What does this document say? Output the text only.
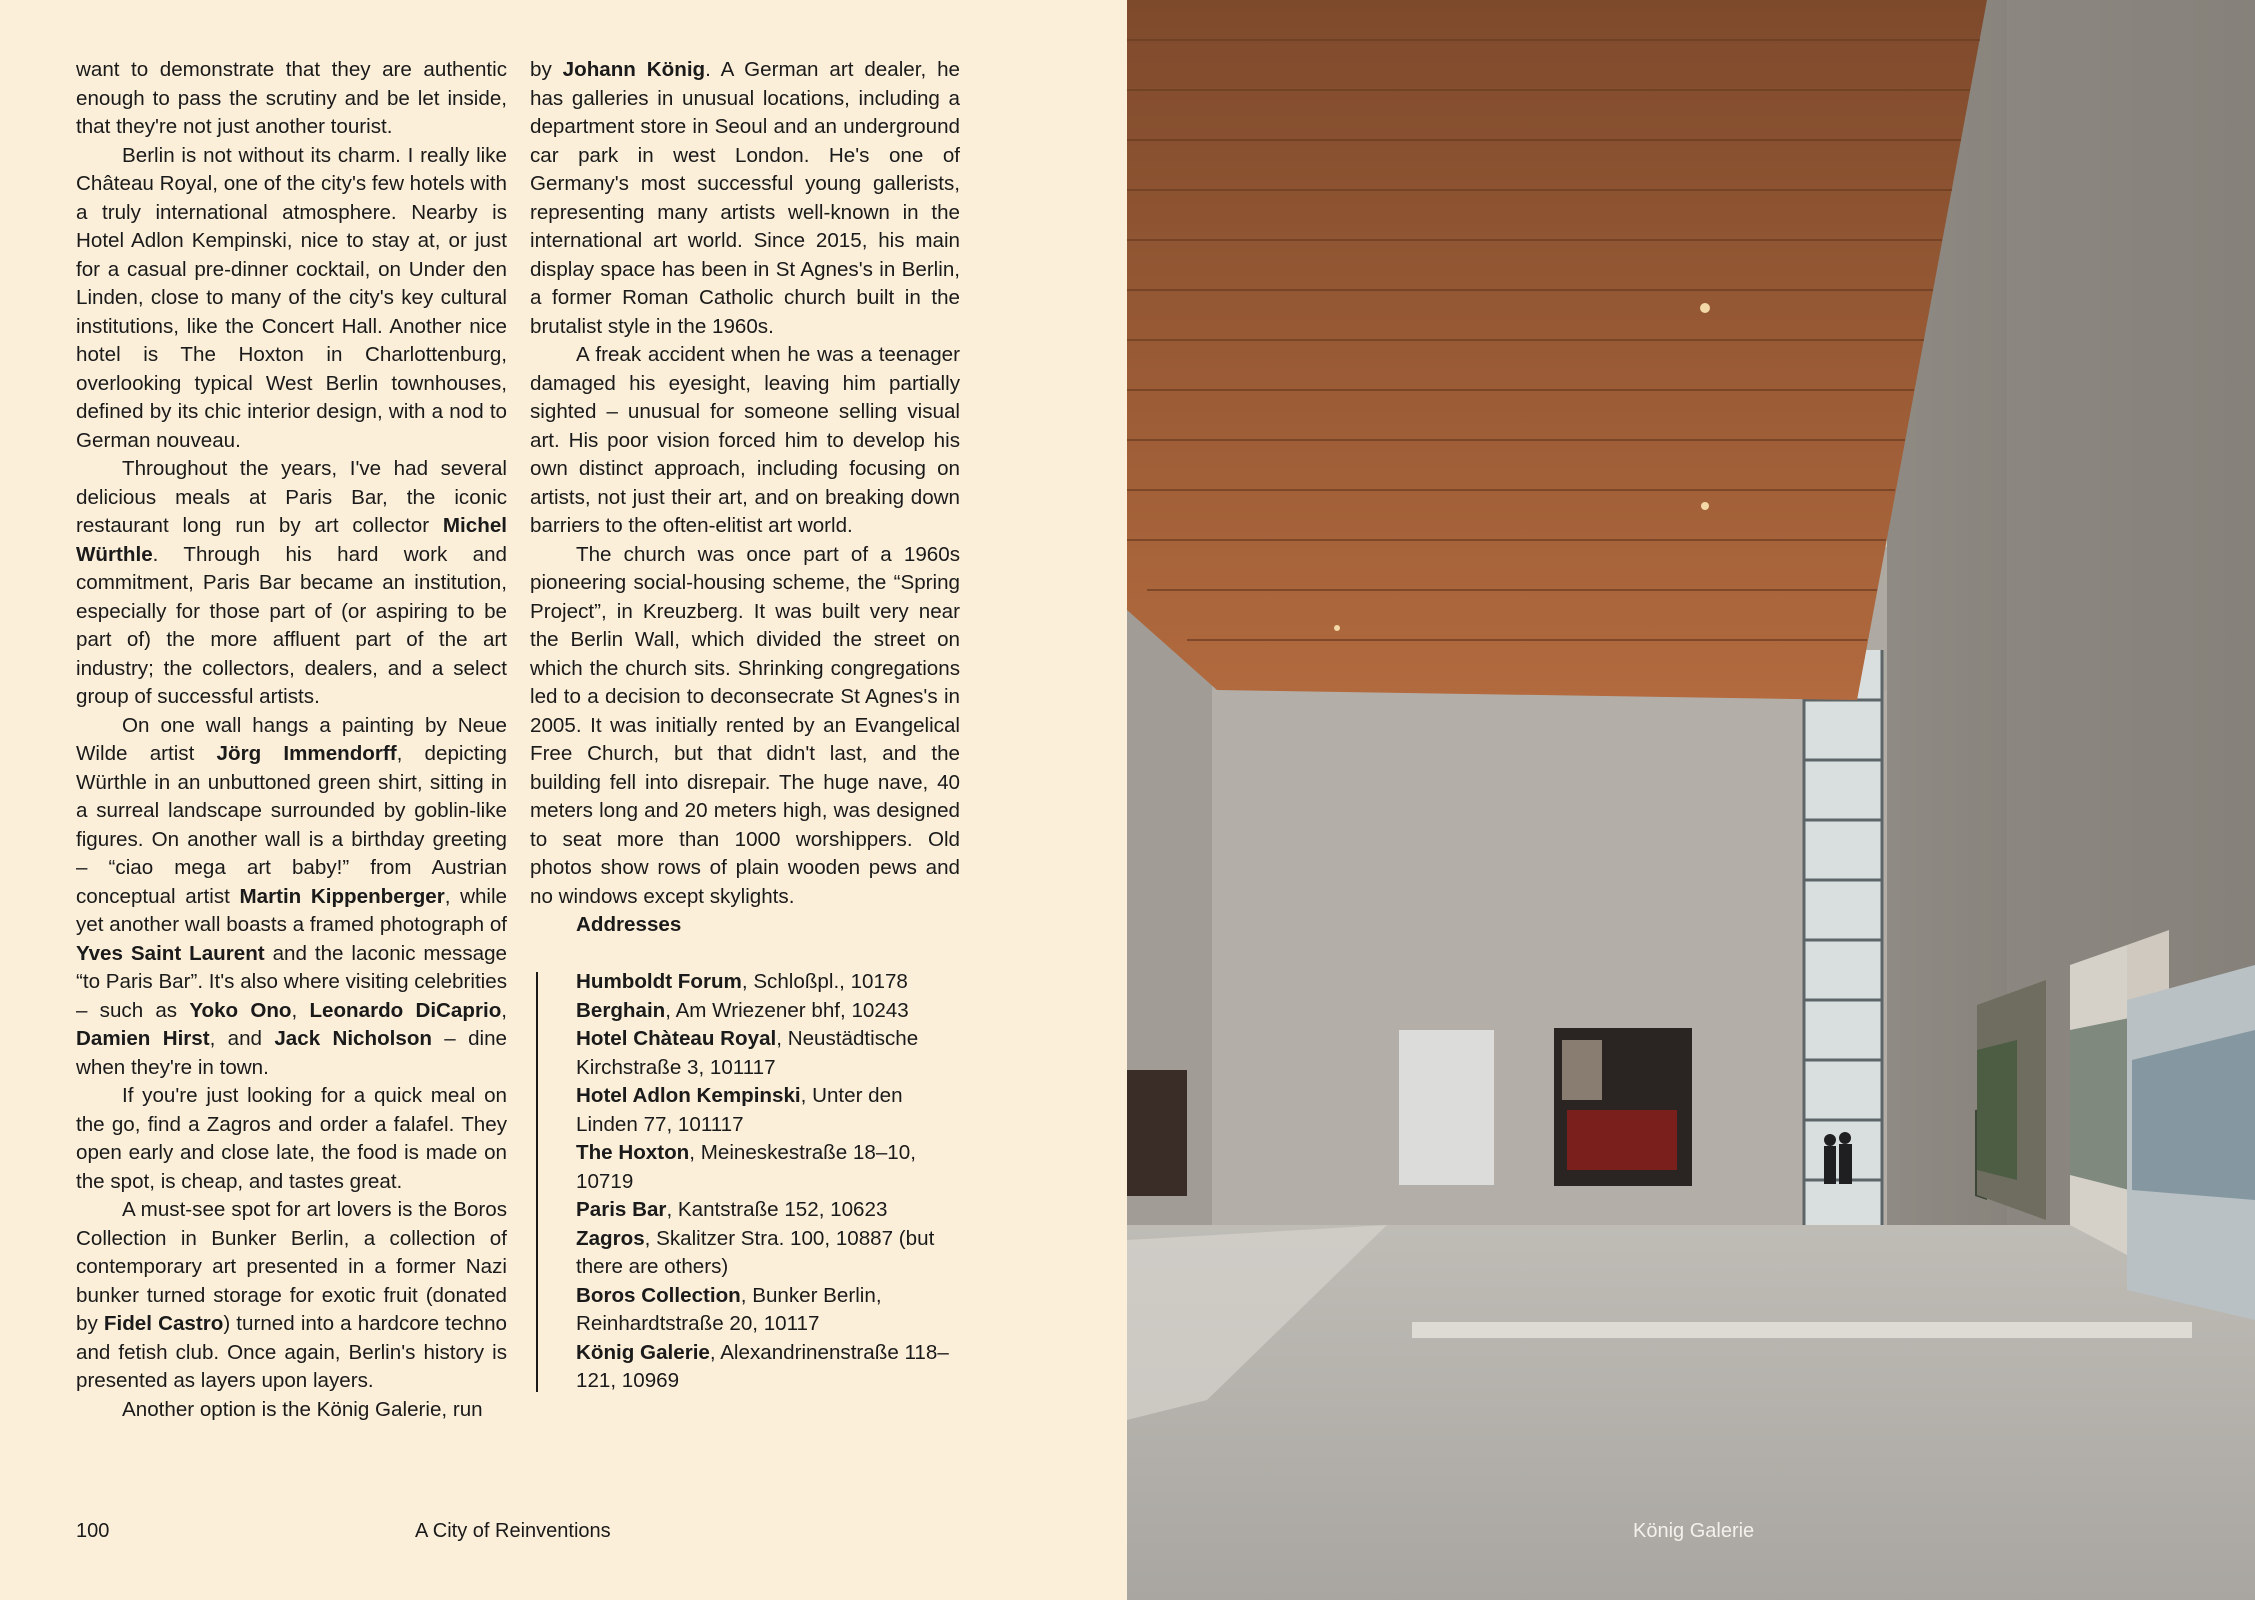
want to demonstrate that they are authentic enough to pass the scrutiny and be let inside, that they're not just another tourist.

Berlin is not without its charm. I really like Château Royal, one of the city's few hotels with a truly international atmosphere. Nearby is Hotel Adlon Kempinski, nice to stay at, or just for a casual pre-dinner cocktail, on Under den Linden, close to many of the city's key cultural institutions, like the Concert Hall. Another nice hotel is The Hoxton in Charlottenburg, overlooking typical West Berlin townhouses, defined by its chic interior design, with a nod to German nouveau.

Throughout the years, I've had several delicious meals at Paris Bar, the iconic restaurant long run by art collector Michel Würthle. Through his hard work and commitment, Paris Bar became an institution, especially for those part of (or aspiring to be part of) the more affluent part of the art industry; the collectors, dealers, and a select group of successful artists.

On one wall hangs a painting by Neue Wilde artist Jörg Immendorff, depicting Würthle in an unbuttoned green shirt, sitting in a surreal landscape surrounded by goblin-like figures. On another wall is a birthday greeting – “ciao mega art baby!” from Austrian conceptual artist Martin Kippenberger, while yet another wall boasts a framed photograph of Yves Saint Laurent and the laconic message “to Paris Bar”. It's also where visiting celebrities – such as Yoko Ono, Leonardo DiCaprio, Damien Hirst, and Jack Nicholson – dine when they're in town.

If you're just looking for a quick meal on the go, find a Zagros and order a falafel. They open early and close late, the food is made on the spot, is cheap, and tastes great.

A must-see spot for art lovers is the Boros Collection in Bunker Berlin, a collection of contemporary art presented in a former Nazi bunker turned storage for exotic fruit (donated by Fidel Castro) turned into a hardcore techno and fetish club. Once again, Berlin's history is presented as layers upon layers.

Another option is the König Galerie, run

by Johann König. A German art dealer, he has galleries in unusual locations, including a department store in Seoul and an underground car park in west London. He's one of Germany's most successful young gallerists, representing many artists well-known in the international art world. Since 2015, his main display space has been in St Agnes's in Berlin, a former Roman Catholic church built in the brutalist style in the 1960s.

A freak accident when he was a teenager damaged his eyesight, leaving him partially sighted – unusual for someone selling visual art. His poor vision forced him to develop his own distinct approach, including focusing on artists, not just their art, and on breaking down barriers to the often-elitist art world.

The church was once part of a 1960s pioneering social-housing scheme, the “Spring Project”, in Kreuzberg. It was built very near the Berlin Wall, which divided the street on which the church sits. Shrinking congregations led to a decision to deconsecrate St Agnes's in 2005. It was initially rented by an Evangelical Free Church, but that didn't last, and the building fell into disrepair. The huge nave, 40 meters long and 20 meters high, was designed to seat more than 1000 worshippers. Old photos show rows of plain wooden pews and no windows except skylights.

Addresses

Humboldt Forum, Schloßpl., 10178
Berghain, Am Wriezener bhf, 10243
Hotel Chàteau Royal, Neustädtische Kirchstraße 3, 101117
Hotel Adlon Kempinski, Unter den Linden 77, 101117
The Hoxton, Meineskestraße 18–10, 10719
Paris Bar, Kantstraße 152, 10623
Zagros, Skalitzer Stra. 100, 10887 (but there are others)
Boros Collection, Bunker Berlin, Reinhardtstraße 20, 10117
König Galerie, Alexandrinenstraße 118–121, 10969
100	A City of Reinventions	König Galerie
